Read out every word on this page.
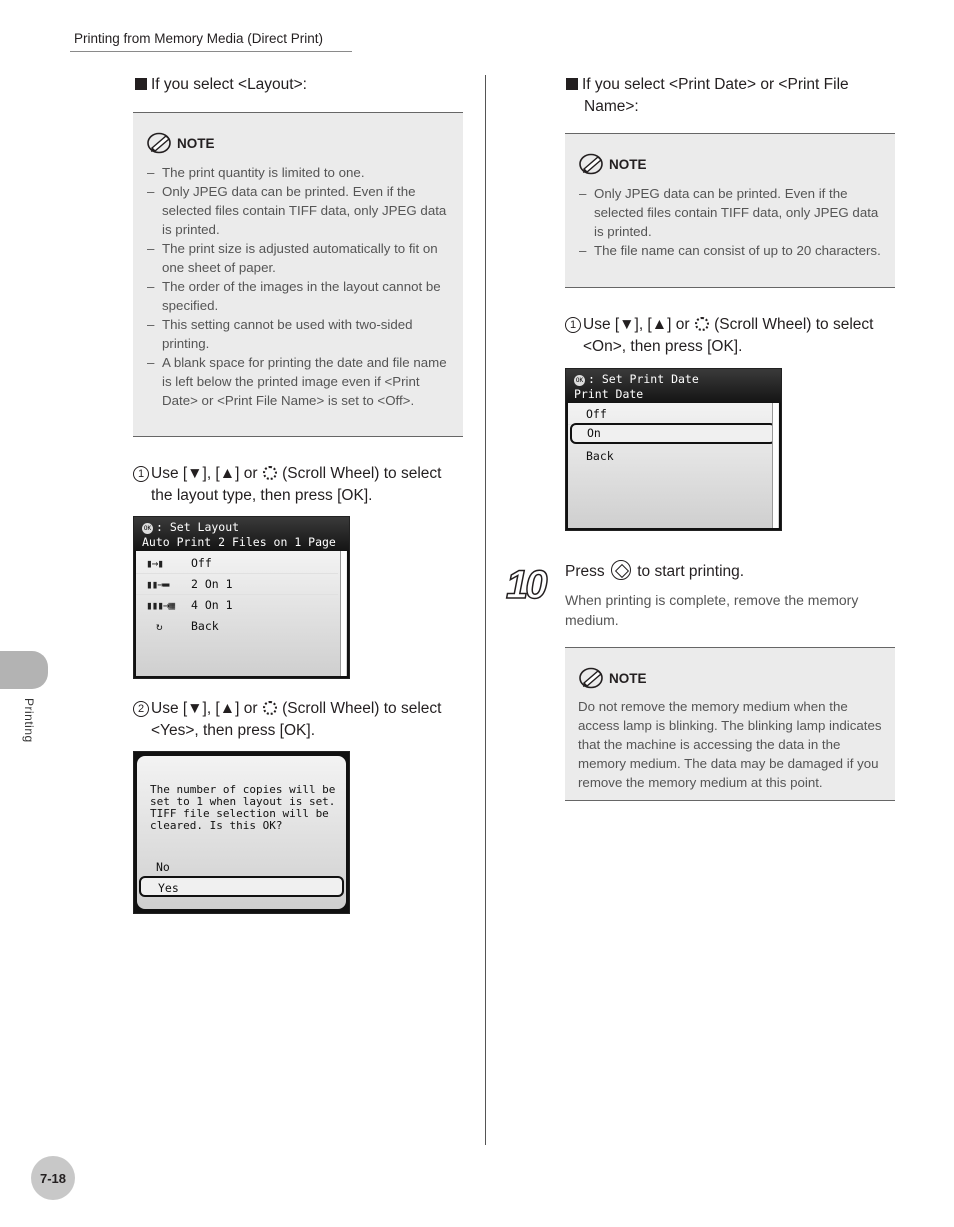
Printing from Memory Media (Direct Print)
Printing
7-18
If you select <Layout>:
NOTE
– The print quantity is limited to one.
– Only JPEG data can be printed. Even if the selected files contain TIFF data, only JPEG data is printed.
– The print size is adjusted automatically to fit on one sheet of paper.
– The order of the images in the layout cannot be specified.
– This setting cannot be used with two-sided printing.
– A blank space for printing the date and file name is left below the printed image even if <Print Date> or <Print File Name> is set to <Off>.
1 Use [▼], [▲] or (Scroll Wheel) to select
the layout type, then press [OK].
OK : Set Layout
Auto Print 2 Files on 1 Page
▮→▮ Off
▮▮→▬ 2 On 1
▮▮▮→▦ 4 On 1
↻	Back
2 Use [▼], [▲] or (Scroll Wheel) to select
<Yes>, then press [OK].
The number of copies will be
set to 1 when layout is set.
TIFF file selection will be
cleared. Is this OK?
No
Yes
If you select <Print Date> or <Print File
Name>:
NOTE
– Only JPEG data can be printed. Even if the selected files contain TIFF data, only JPEG data is printed.
– The file name can consist of up to 20 characters.
1 Use [▼], [▲] or (Scroll Wheel) to select
<On>, then press [OK].
OK : Set Print Date
Print Date
Off
On
Back
10 Press to start printing.
When printing is complete, remove the memory medium.
NOTE

Do not remove the memory medium when the access lamp is blinking. The blinking lamp indicates that the machine is accessing the data in the memory medium. The data may be damaged if you remove the memory medium at this point.
